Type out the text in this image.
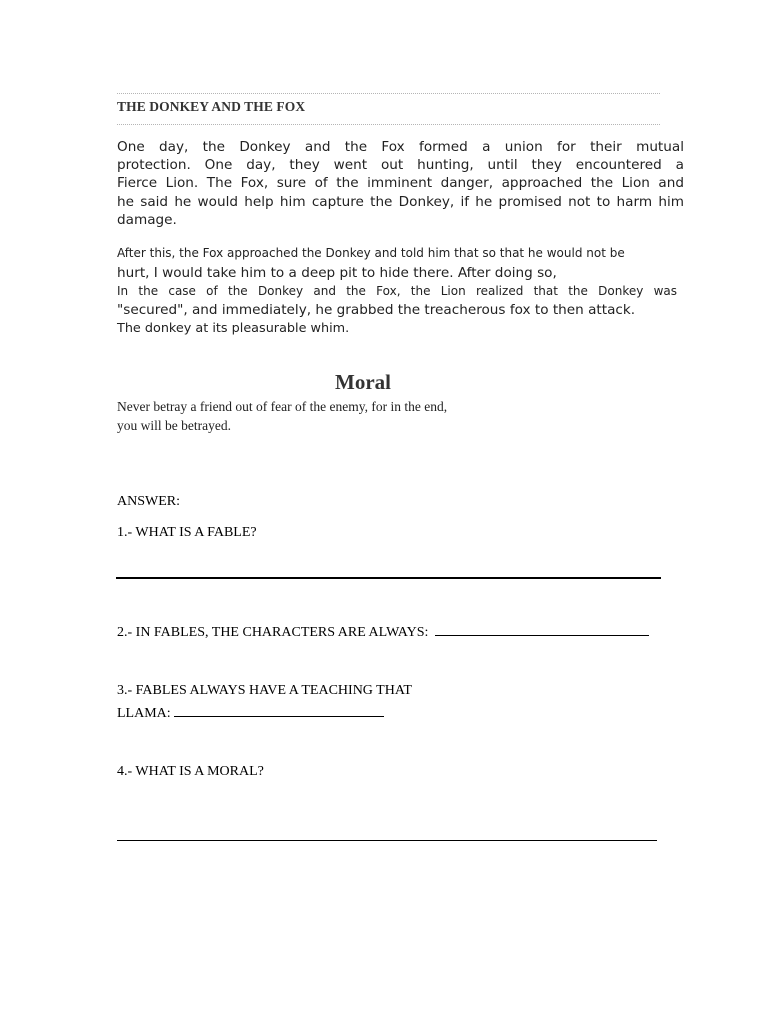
THE DONKEY AND THE FOX
One day, the Donkey and the Fox formed a union for their mutual
protection. One day, they went out hunting, until they encountered a
Fierce Lion. The Fox, sure of the imminent danger, approached the Lion and
he said he would help him capture the Donkey, if he promised not to harm him
damage.
After this, the Fox approached the Donkey and told him that so that he would not be
hurt, I would take him to a deep pit to hide there. After doing so,
In the case of the Donkey and the Fox, the Lion realized that the Donkey was
"secured", and immediately, he grabbed the treacherous fox to then attack.
The donkey at its pleasurable whim.
Moral
Never betray a friend out of fear of the enemy, for in the end,
you will be betrayed.
ANSWER:
1.- WHAT IS A FABLE?
2.- IN FABLES, THE CHARACTERS ARE ALWAYS:
3.- FABLES ALWAYS HAVE A TEACHING THAT
LLAMA:
4.- WHAT IS A MORAL?
